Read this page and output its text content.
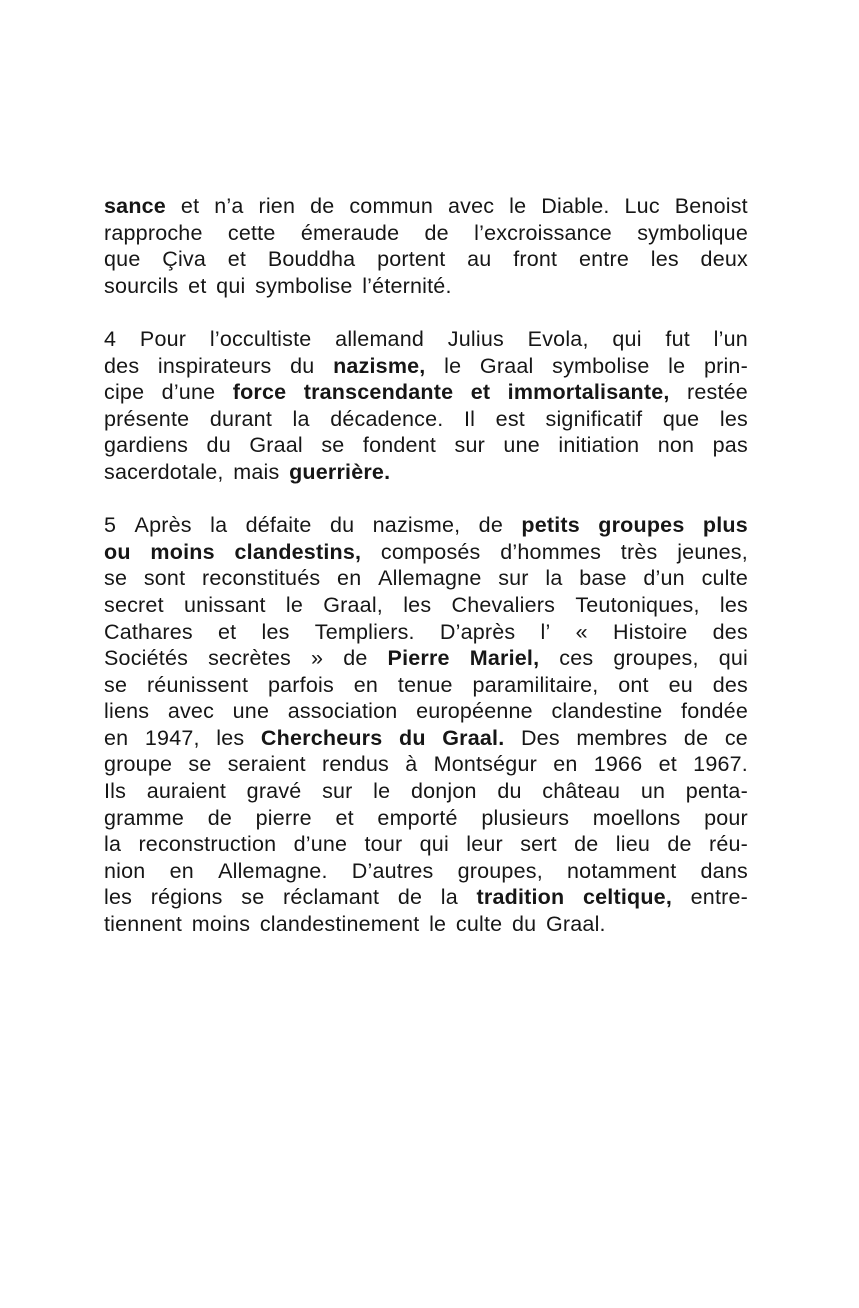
sance et n’a rien de commun avec le Diable. Luc Benoist
rapproche cette émeraude de l’excroissance symbolique
que Çiva et Bouddha portent au front entre les deux
sourcils et qui symbolise l’éternité.
4 Pour l’occultiste allemand Julius Evola, qui fut l’un
des inspirateurs du nazisme, le Graal symbolise le prin-
cipe d’une force transcendante et immortalisante, restée
présente durant la décadence. Il est significatif que les
gardiens du Graal se fondent sur une initiation non pas
sacerdotale, mais guerrière.
5 Après la défaite du nazisme, de petits groupes plus
ou moins clandestins, composés d’hommes très jeunes,
se sont reconstitués en Allemagne sur la base d’un culte
secret unissant le Graal, les Chevaliers Teutoniques, les
Cathares et les Templiers. D’après l’ « Histoire des
Sociétés secrètes » de Pierre Mariel, ces groupes, qui
se réunissent parfois en tenue paramilitaire, ont eu des
liens avec une association européenne clandestine fondée
en 1947, les Chercheurs du Graal. Des membres de ce
groupe se seraient rendus à Montségur en 1966 et 1967.
Ils auraient gravé sur le donjon du château un penta-
gramme de pierre et emporté plusieurs moellons pour
la reconstruction d’une tour qui leur sert de lieu de réu-
nion en Allemagne. D’autres groupes, notamment dans
les régions se réclamant de la tradition celtique, entre-
tiennent moins clandestinement le culte du Graal.
